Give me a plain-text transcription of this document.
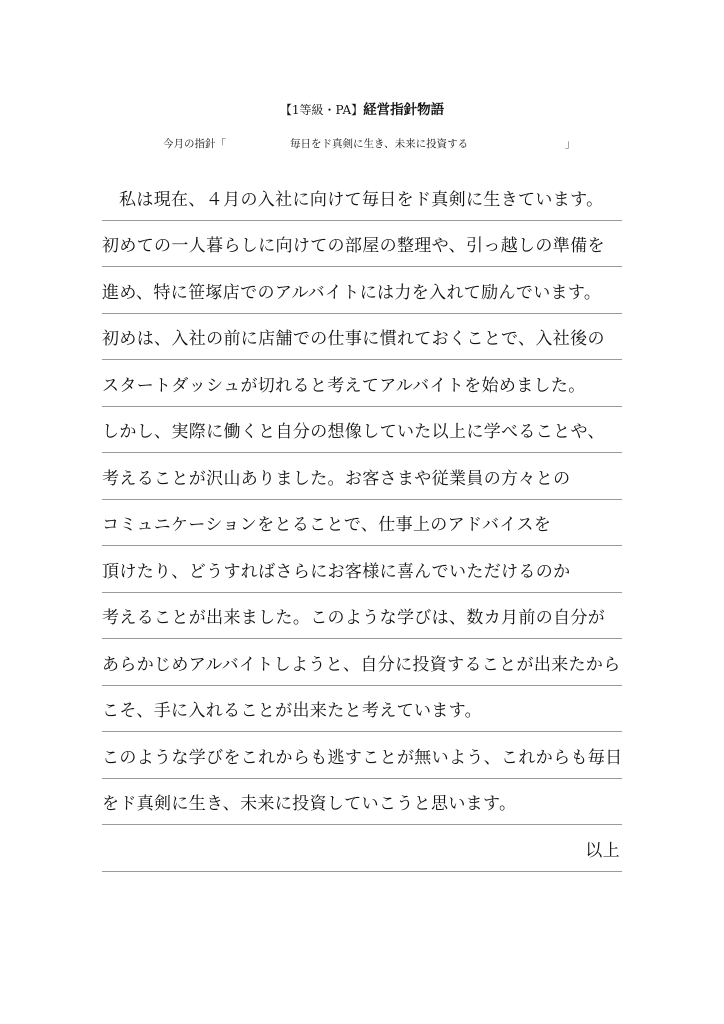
【1等級・PA】経営指針物語
今月の指針「	毎日をド真剣に生き、未来に投資する	」
私は現在、４月の入社に向けて毎日をド真剣に生きています。
初めての一人暮らしに向けての部屋の整理や、引っ越しの準備を
進め、特に笹塚店でのアルバイトには力を入れて励んでいます。
初めは、入社の前に店舗での仕事に慣れておくことで、入社後の
スタートダッシュが切れると考えてアルバイトを始めました。
しかし、実際に働くと自分の想像していた以上に学べることや、
考えることが沢山ありました。お客さまや従業員の方々との
コミュニケーションをとることで、仕事上のアドバイスを
頂けたり、どうすればさらにお客様に喜んでいただけるのか
考えることが出来ました。このような学びは、数カ月前の自分が
あらかじめアルバイトしようと、自分に投資することが出来たから
こそ、手に入れることが出来たと考えています。
このような学びをこれからも逃すことが無いよう、これからも毎日
をド真剣に生き、未来に投資していこうと思います。
以上
